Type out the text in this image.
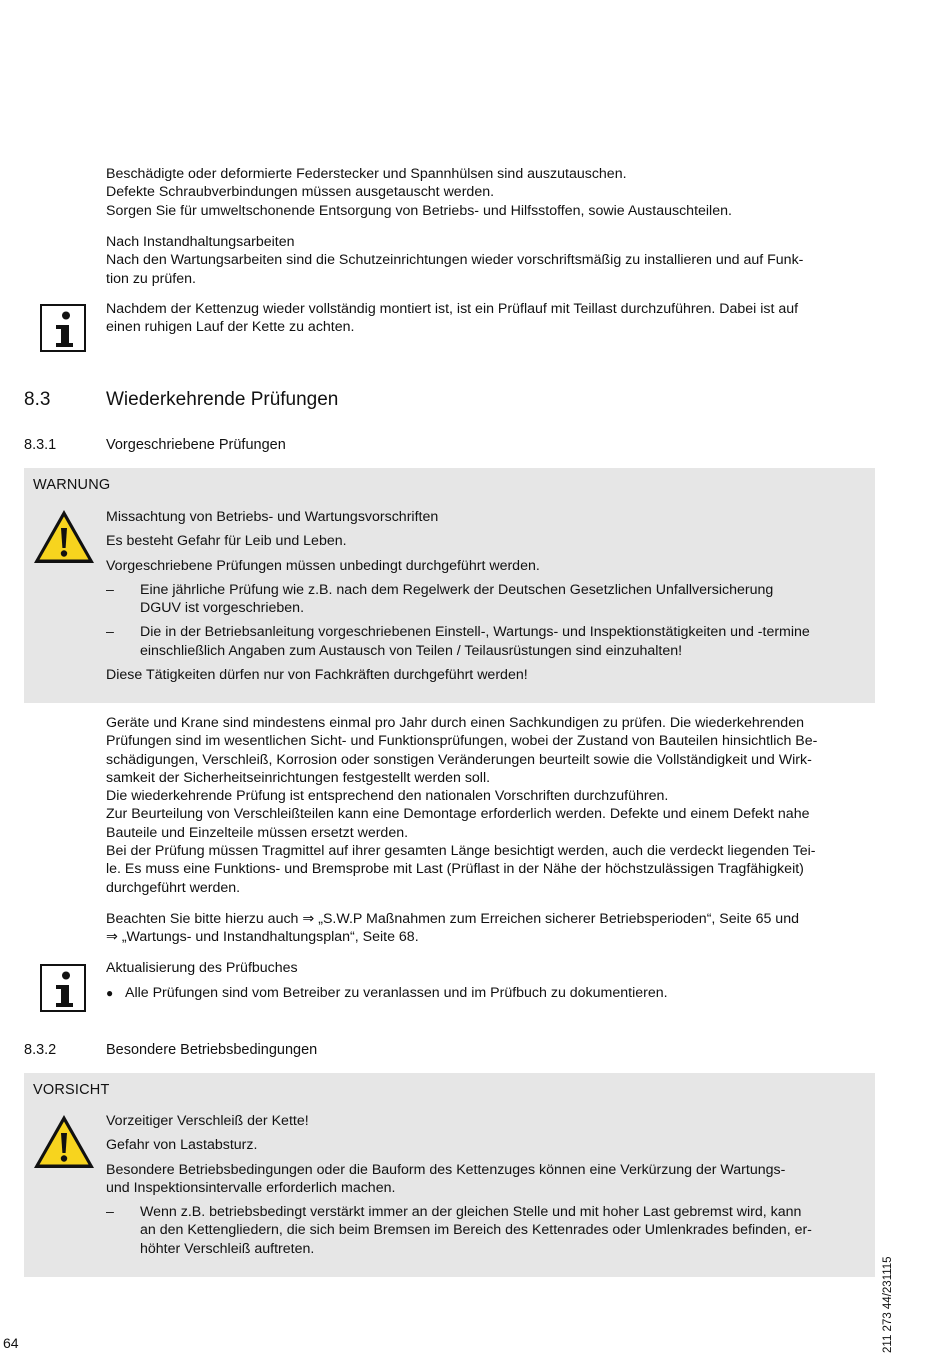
Beschädigte oder deformierte Federstecker und Spannhülsen sind auszutauschen.

Defekte Schraubverbindungen müssen ausgetauscht werden.

Sorgen Sie für umweltschonende Entsorgung von Betriebs- und Hilfsstoffen, sowie Austauschteilen.

Nach Instandhaltungsarbeiten

Nach den Wartungsarbeiten sind die Schutzeinrichtungen wieder vorschriftsmäßig zu installieren und auf Funk-

tion zu prüfen.

Nachdem der Kettenzug wieder vollständig montiert ist, ist ein Prüflauf mit Teillast durchzuführen. Dabei ist auf

einen ruhigen Lauf der Kette zu achten.

8.3	Wiederkehrende Prüfungen
8.3.1	Vorgeschriebene Prüfungen
WARNUNG

Missachtung von Betriebs- und Wartungsvorschriften

Es besteht Gefahr für Leib und Leben.

Vorgeschriebene Prüfungen müssen unbedingt durchgeführt werden.

– Eine jährliche Prüfung wie z.B. nach dem Regelwerk der Deutschen Gesetzlichen Unfallversicherung

DGUV ist vorgeschrieben.

– Die in der Betriebsanleitung vorgeschriebenen Einstell-, Wartungs- und Inspektionstätigkeiten und -termine

einschließlich Angaben zum Austausch von Teilen / Teilausrüstungen sind einzuhalten!

Diese Tätigkeiten dürfen nur von Fachkräften durchgeführt werden!

Geräte und Krane sind mindestens einmal pro Jahr durch einen Sachkundigen zu prüfen. Die wiederkehrenden

Prüfungen sind im wesentlichen Sicht- und Funktionsprüfungen, wobei der Zustand von Bauteilen hinsichtlich Be-

schädigungen, Verschleiß, Korrosion oder sonstigen Veränderungen beurteilt sowie die Vollständigkeit und Wirk-

samkeit der Sicherheitseinrichtungen festgestellt werden soll.

Die wiederkehrende Prüfung ist entsprechend den nationalen Vorschriften durchzuführen.

Zur Beurteilung von Verschleißteilen kann eine Demontage erforderlich werden. Defekte und einem Defekt nahe

Bauteile und Einzelteile müssen ersetzt werden.

Bei der Prüfung müssen Tragmittel auf ihrer gesamten Länge besichtigt werden, auch die verdeckt liegenden Tei-

le. Es muss eine Funktions- und Bremsprobe mit Last (Prüflast in der Nähe der höchstzulässigen Tragfähigkeit)

durchgeführt werden.

Beachten Sie bitte hierzu auch ⇒ „S.W.P Maßnahmen zum Erreichen sicherer Betriebsperioden“, Seite 65 und

⇒ „Wartungs- und Instandhaltungsplan“, Seite 68.

Aktualisierung des Prüfbuches

● Alle Prüfungen sind vom Betreiber zu veranlassen und im Prüfbuch zu dokumentieren.

8.3.2	Besondere Betriebsbedingungen
VORSICHT

Vorzeitiger Verschleiß der Kette!

Gefahr von Lastabsturz.

Besondere Betriebsbedingungen oder die Bauform des Kettenzuges können eine Verkürzung der Wartungs-

und Inspektionsintervalle erforderlich machen.

– Wenn z.B. betriebsbedingt verstärkt immer an der gleichen Stelle und mit hoher Last gebremst wird, kann

an den Kettengliedern, die sich beim Bremsen im Bereich des Kettenrades oder Umlenkrades befinden, er-

höhter Verschleiß auftreten.

64	211 273 44/231115
